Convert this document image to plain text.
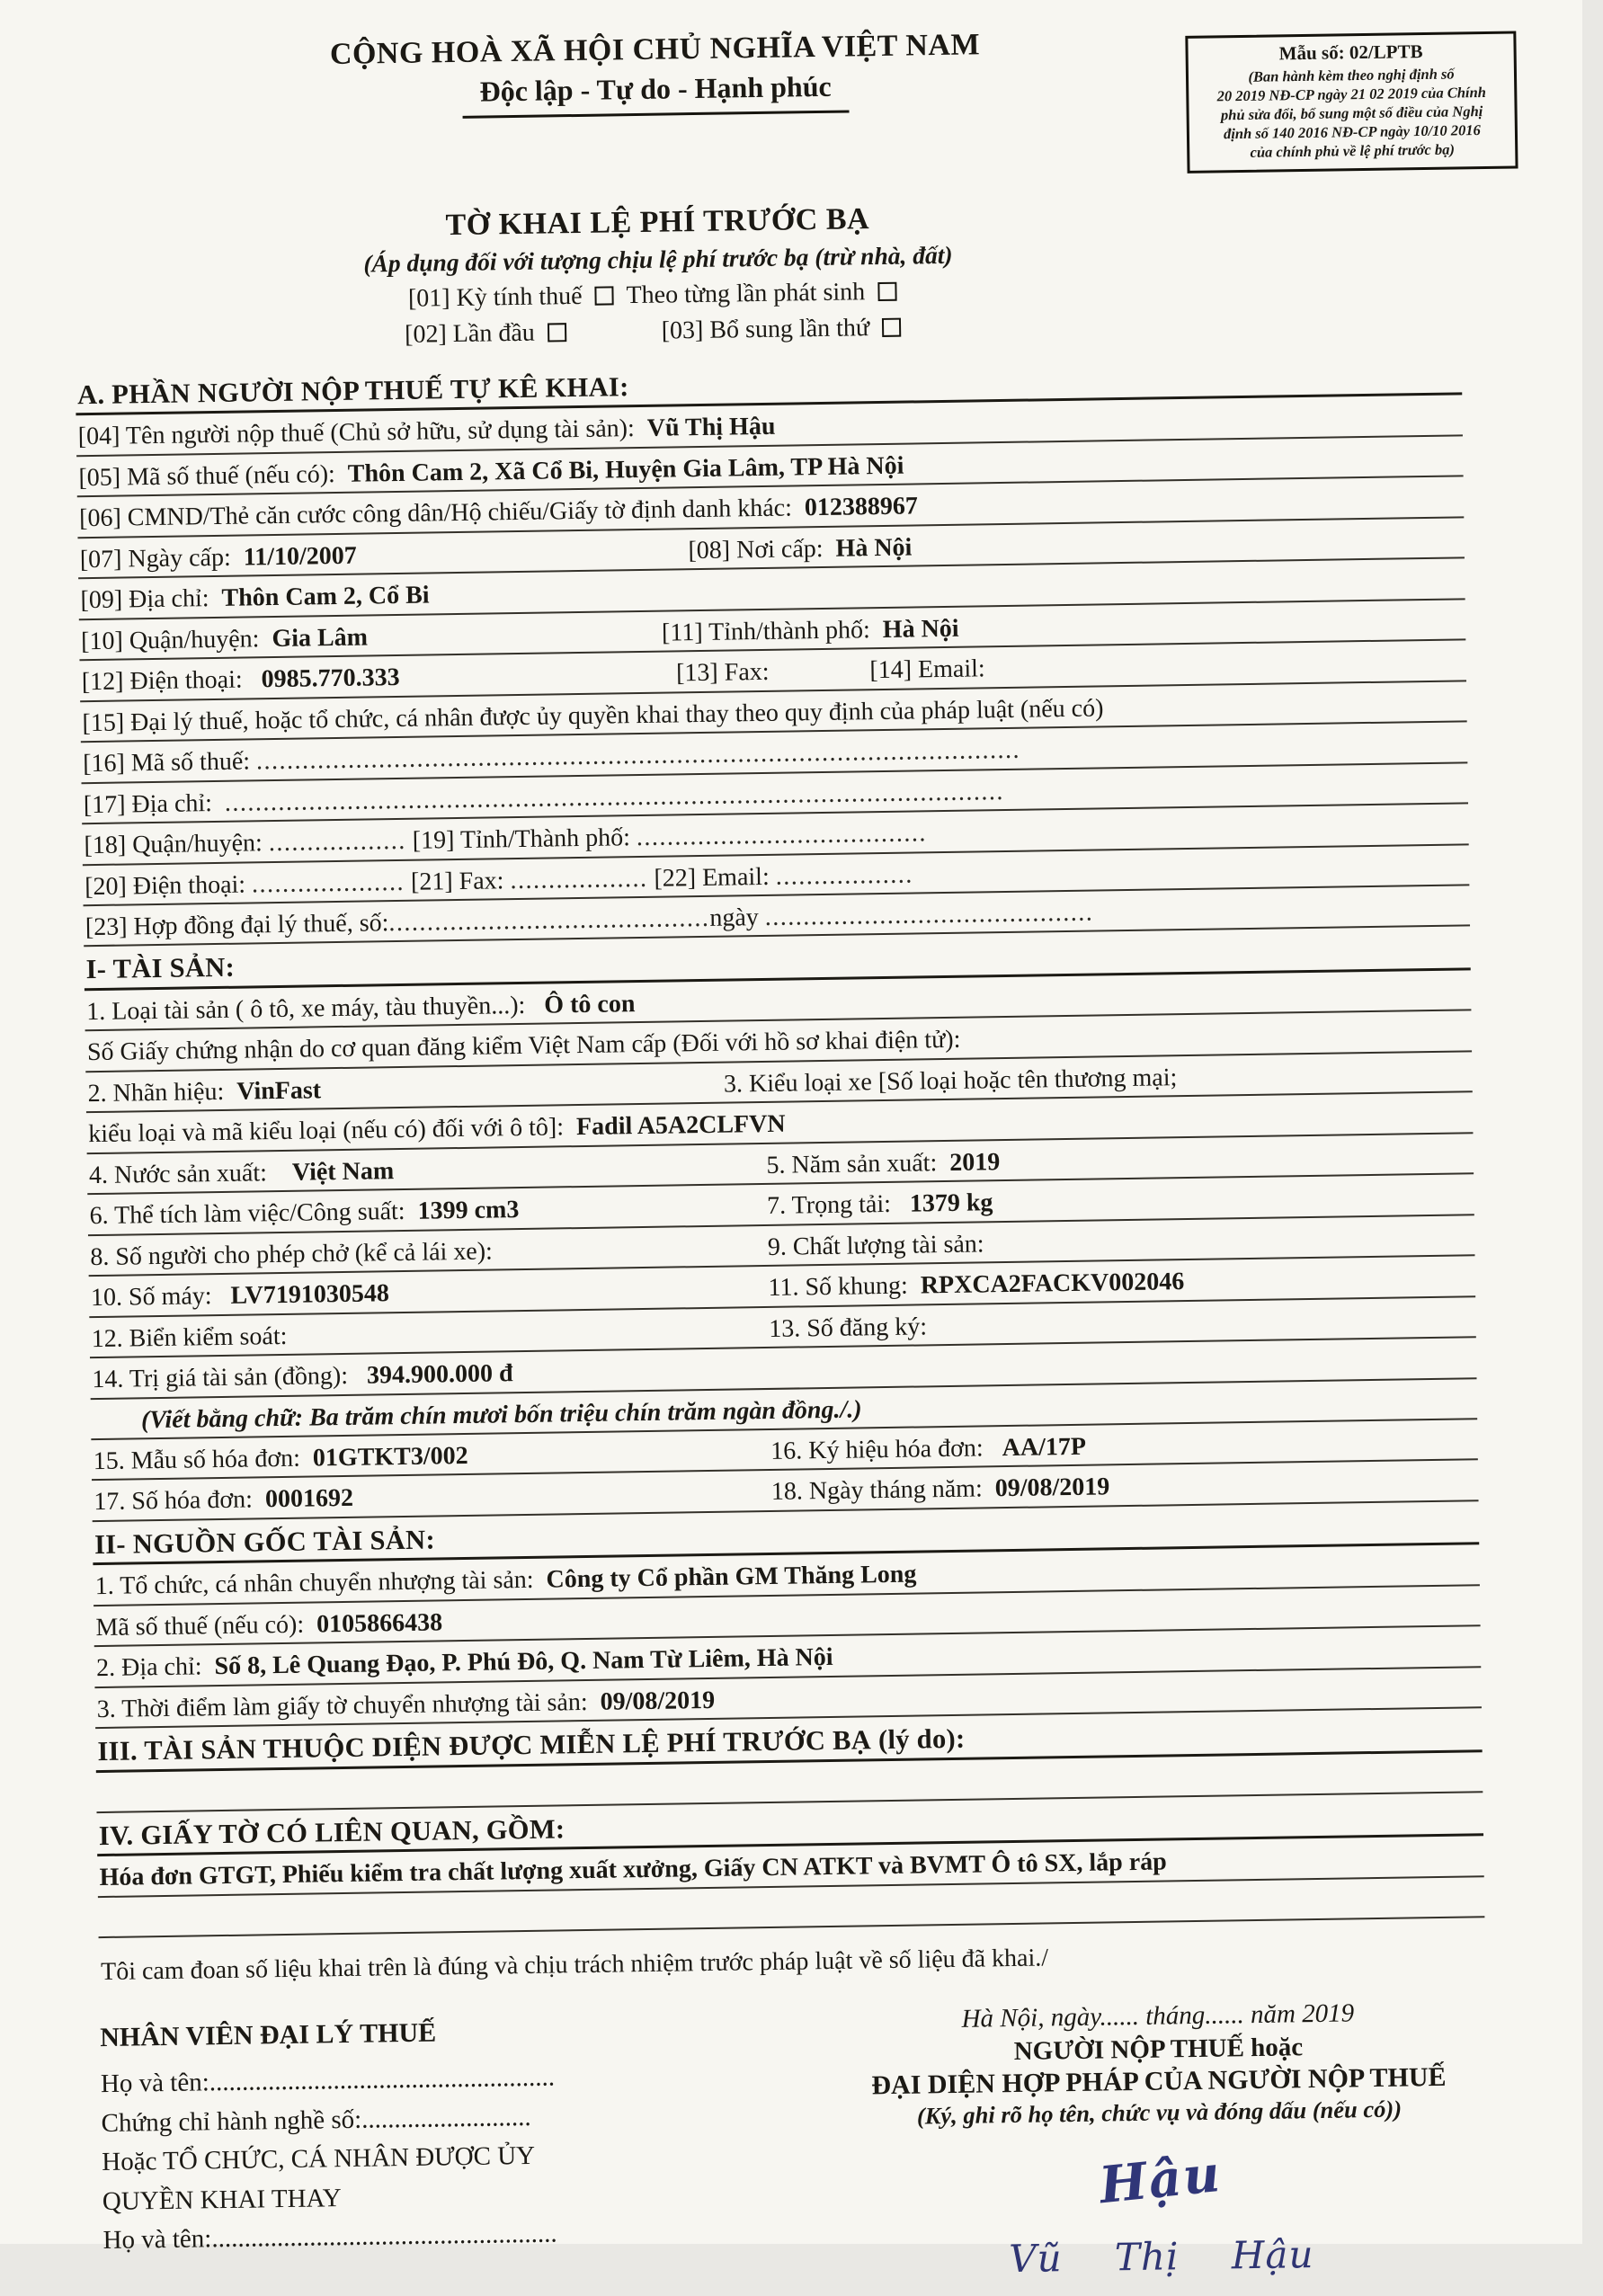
CỘNG HOÀ XÃ HỘI CHỦ NGHĨA VIỆT NAM
Độc lập - Tự do - Hạnh phúc
Mẫu số: 02/LPTB
(Ban hành kèm theo nghị định số
20 2019 NĐ-CP ngày 21 02 2019 của Chính
phủ sửa đổi, bổ sung một số điều của Nghị
định số 140 2016 NĐ-CP ngày 10/10 2016
của chính phủ về lệ phí trước bạ)
TỜ KHAI LỆ PHÍ TRƯỚC BẠ
(Áp dụng đối với tượng chịu lệ phí trước bạ (trừ nhà, đất)
[01] Kỳ tính thuế Theo từng lần phát sinh
[02] Lần đầu	[03] Bổ sung lần thứ
A. PHẦN NGƯỜI NỘP THUẾ TỰ KÊ KHAI:
[04] Tên người nộp thuế (Chủ sở hữu, sử dụng tài sản):  Vũ Thị Hậu
[05] Mã số thuế (nếu có):  Thôn Cam 2, Xã Cổ Bi, Huyện Gia Lâm, TP Hà Nội
[06] CMND/Thẻ căn cước công dân/Hộ chiếu/Giấy tờ định danh khác:  012388967
[07] Ngày cấp:  11/10/2007	[08] Nơi cấp:  Hà Nội
[09] Địa chỉ:  Thôn Cam 2, Cổ Bi
[10] Quận/huyện:  Gia Lâm	[11] Tỉnh/thành phố:  Hà Nội
[12] Điện thoại:   0985.770.333	[13] Fax:	[14] Email:
[15] Đại lý thuế, hoặc tổ chức, cá nhân được ủy quyền khai thay theo quy định của pháp luật (nếu có)
[16] Mã số thuế: ....................................................................................................
[17] Địa chỉ:  ......................................................................................................
[18] Quận/huyện: .................. [19] Tỉnh/Thành phố: ......................................
[20] Điện thoại: .................... [21] Fax: .................. [22] Email: ..................
[23] Hợp đồng đại lý thuế, số:..........................................ngày ...........................................
I- TÀI SẢN:
1. Loại tài sản ( ô tô, xe máy, tàu thuyền...):   Ô tô con
Số Giấy chứng nhận do cơ quan đăng kiểm Việt Nam cấp (Đối với hồ sơ khai điện tử):
2. Nhãn hiệu:  VinFast	3. Kiểu loại xe [Số loại hoặc tên thương mại;
kiểu loại và mã kiểu loại (nếu có) đối với ô tô]:  Fadil A5A2CLFVN
4. Nước sản xuất:    Việt Nam	5. Năm sản xuất:  2019
6. Thể tích làm việc/Công suất:  1399 cm3	7. Trọng tải:   1379 kg
8. Số người cho phép chở (kể cả lái xe):	9. Chất lượng tài sản:
10. Số máy:   LV7191030548	11. Số khung:  RPXCA2FACKV002046
12. Biển kiểm soát:	13. Số đăng ký:
14. Trị giá tài sản (đồng):   394.900.000 đ
(Viết bằng chữ: Ba trăm chín mươi bốn triệu chín trăm ngàn đồng./.)
15. Mẫu số hóa đơn:  01GTKT3/002	16. Ký hiệu hóa đơn:   AA/17P
17. Số hóa đơn:  0001692	18. Ngày tháng năm:  09/08/2019
II- NGUỒN GỐC TÀI SẢN:
1. Tổ chức, cá nhân chuyển nhượng tài sản:  Công ty Cổ phần GM Thăng Long
Mã số thuế (nếu có):  0105866438
2. Địa chỉ:  Số 8, Lê Quang Đạo, P. Phú Đô, Q. Nam Từ Liêm, Hà Nội
3. Thời điểm làm giấy tờ chuyển nhượng tài sản:  09/08/2019
III. TÀI SẢN THUỘC DIỆN ĐƯỢC MIỄN LỆ PHÍ TRƯỚC BẠ (lý do):

IV. GIẤY TỜ CÓ LIÊN QUAN, GỒM:
Hóa đơn GTGT, Phiếu kiểm tra chất lượng xuất xưởng, Giấy CN ATKT và BVMT Ô tô SX, lắp ráp

Tôi cam đoan số liệu khai trên là đúng và chịu trách nhiệm trước pháp luật về số liệu đã khai./
NHÂN VIÊN ĐẠI LÝ THUẾ
Họ và tên:.....................................................
Chứng chỉ hành nghề số:..........................
Hoặc TỔ CHỨC, CÁ NHÂN ĐƯỢC ỦY
QUYỀN KHAI THAY
Họ và tên:.....................................................
Hà Nội, ngày...... tháng...... năm 2019
NGƯỜI NỘP THUẾ hoặc
ĐẠI DIỆN HỢP PHÁP CỦA NGƯỜI NỘP THUẾ
(Ký, ghi rõ họ tên, chức vụ và đóng dấu (nếu có))
Hậu
Vũ Thị Hậu
